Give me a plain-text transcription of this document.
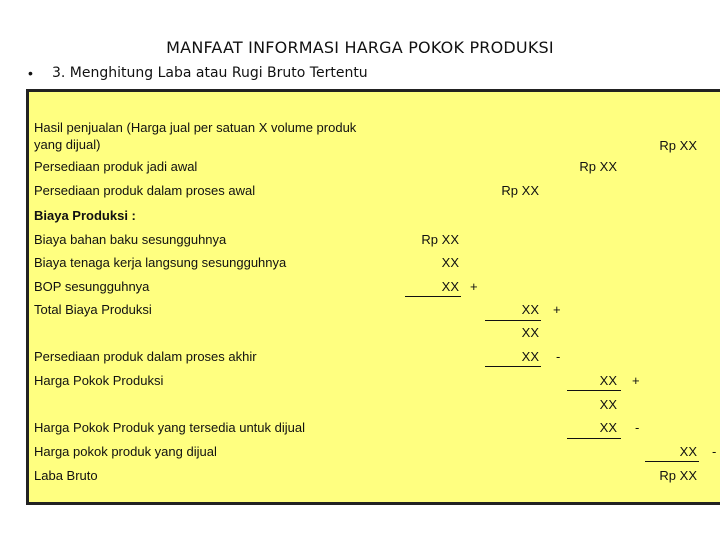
MANFAAT INFORMASI HARGA POKOK PRODUKSI
• 3. Menghitung Laba atau Rugi Bruto Tertentu
Hasil penjualan (Harga jual per satuan X volume produk
yang dijual)	Rp XX
Persediaan produk jadi awal	Rp XX
Persediaan produk dalam proses awal	Rp XX
Biaya Produksi :
Biaya bahan baku sesungguhnya	Rp XX
Biaya tenaga kerja langsung sesungguhnya	XX
BOP sesungguhnya	XX +
Total Biaya Produksi	XX +
XX
Persediaan produk dalam proses akhir	XX -
Harga Pokok Produksi	XX +
XX
Harga Pokok Produk yang tersedia untuk dijual	XX -
Harga pokok produk yang dijual	XX -
Laba Bruto	Rp XX
